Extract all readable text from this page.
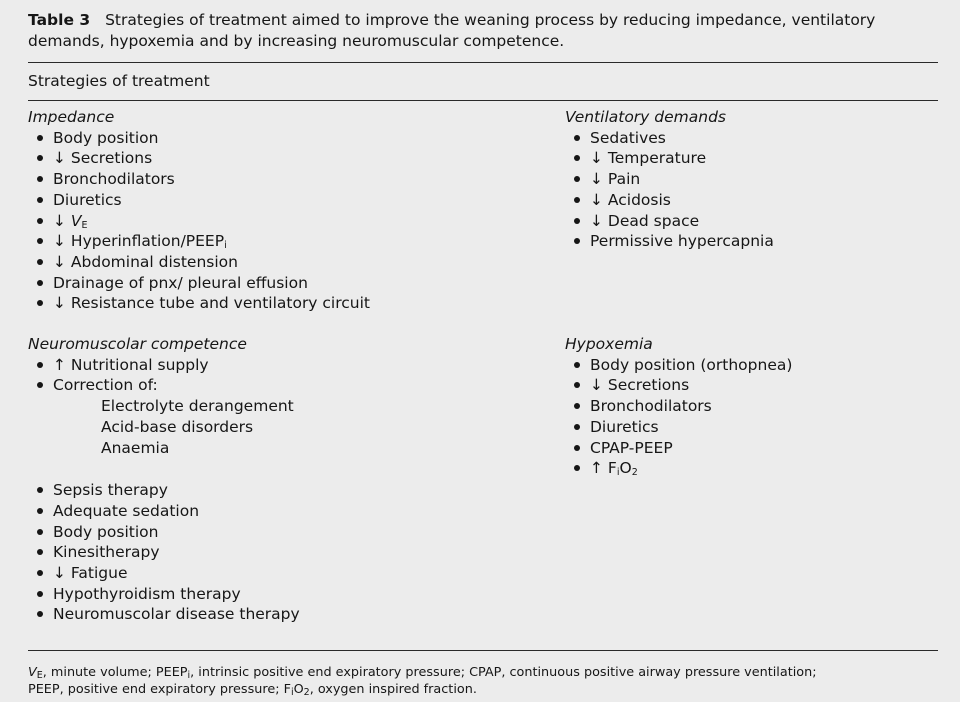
Table 3 Strategies of treatment aimed to improve the weaning process by reducing impedance, ventilatory demands, hypoxemia and by increasing neuromuscular competence.
Strategies of treatment
Impedance
Body position
↓ Secretions
Bronchodilators
Diuretics
↓ $V_E$
↓ Hyperinflation/$PEEP_i$
↓ Abdominal distension
Drainage of pnx/ pleural effusion
↓ Resistance tube and ventilatory circuit
Ventilatory demands
Sedatives
↓ Temperature
↓ Pain
↓ Acidosis
↓ Dead space
Permissive hypercapnia
Neuromuscolar competence
↑ Nutritional supply
Correction of:
Electrolyte derangement
Acid-base disorders
Anaemia
Sepsis therapy
Adequate sedation
Body position
Kinesitherapy
↓ Fatigue
Hypothyroidism therapy
Neuromuscolar disease therapy
Hypoxemia
Body position (orthopnea)
↓ Secretions
Bronchodilators
Diuretics
CPAP-PEEP
↑ $F_iO_2$
$V_E$, minute volume; $PEEP_i$, intrinsic positive end expiratory pressure; CPAP, continuous positive airway pressure ventilation;
PEEP, positive end expiratory pressure; $F_iO_2$, oxygen inspired fraction.
